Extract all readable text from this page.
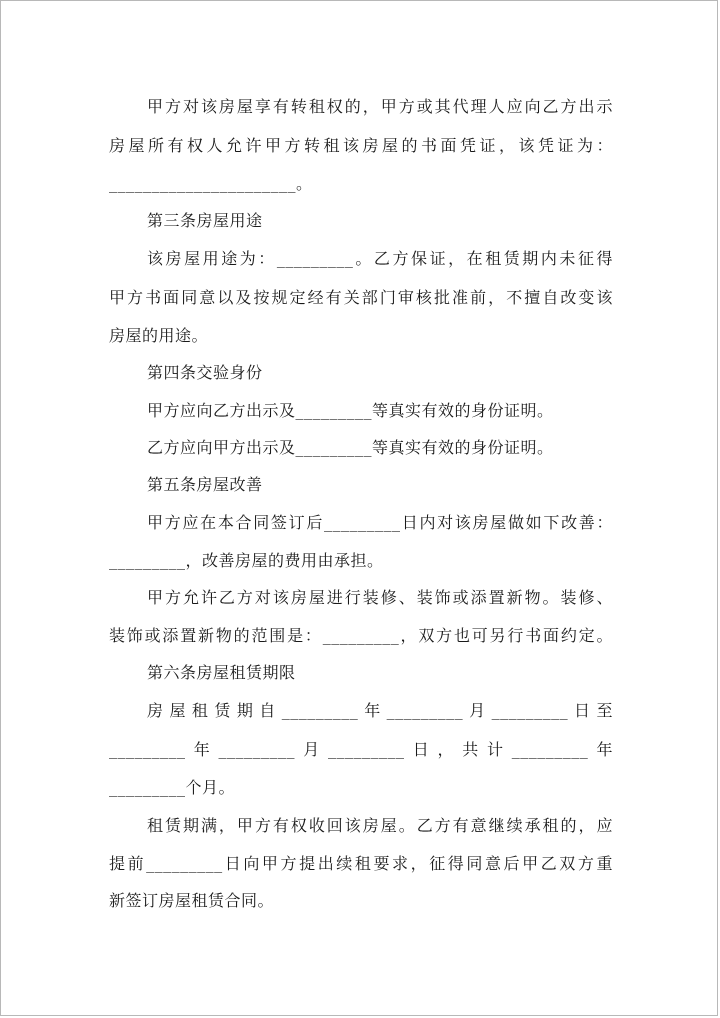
甲方对该房屋享有转租权的，甲方或其代理人应向乙方出示
房屋所有权人允许甲方转租该房屋的书面凭证，该凭证为：
______________________。
第三条房屋用途
该房屋用途为：_________。乙方保证，在租赁期内未征得
甲方书面同意以及按规定经有关部门审核批准前，不擅自改变该
房屋的用途。
第四条交验身份
甲方应向乙方出示及_________等真实有效的身份证明。
乙方应向甲方出示及_________等真实有效的身份证明。
第五条房屋改善
甲方应在本合同签订后_________日内对该房屋做如下改善：
_________，改善房屋的费用由承担。
甲方允许乙方对该房屋进行装修、装饰或添置新物。装修、
装饰或添置新物的范围是：_________，双方也可另行书面约定。
第六条房屋租赁期限
房屋租赁期自_________年_________月_________日至
_________年_________月_________日，共计_________年
_________个月。
租赁期满，甲方有权收回该房屋。乙方有意继续承租的，应
提前_________日向甲方提出续租要求，征得同意后甲乙双方重
新签订房屋租赁合同。
